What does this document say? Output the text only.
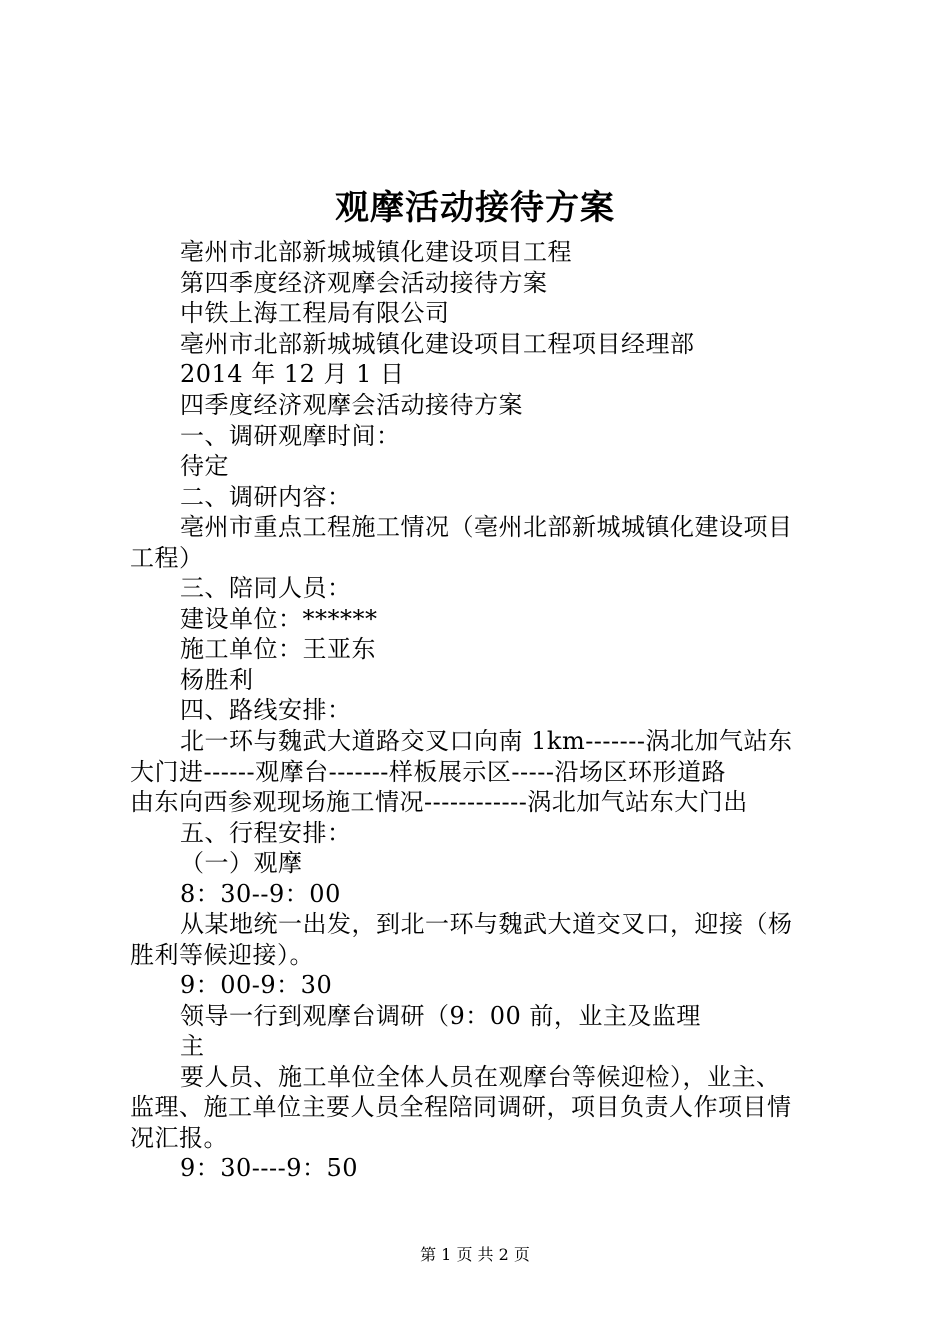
观摩活动接待方案
亳州市北部新城城镇化建设项目工程
第四季度经济观摩会活动接待方案
中铁上海工程局有限公司
亳州市北部新城城镇化建设项目工程项目经理部
2014 年 12 月 1 日
四季度经济观摩会活动接待方案
一、调研观摩时间：
待定
二、调研内容：
亳州市重点工程施工情况（亳州北部新城城镇化建设项目
工程）
三、陪同人员：
建设单位：******
施工单位：王亚东
杨胜利
四、路线安排：
北一环与魏武大道路交叉口向南 1km-------涡北加气站东
大门进------观摩台-------样板展示区-----沿场区环形道路
由东向西参观现场施工情况------------涡北加气站东大门出
五、行程安排：
（一）观摩
8：30--9：00
从某地统一出发，到北一环与魏武大道交叉口，迎接（杨
胜利等候迎接）。
9：00-9：30
领导一行到观摩台调研（9：00 前，业主及监理
主
要人员、施工单位全体人员在观摩台等候迎检），业主、
监理、施工单位主要人员全程陪同调研，项目负责人作项目情
况汇报。
9：30----9：50
第 1 页 共 2 页
